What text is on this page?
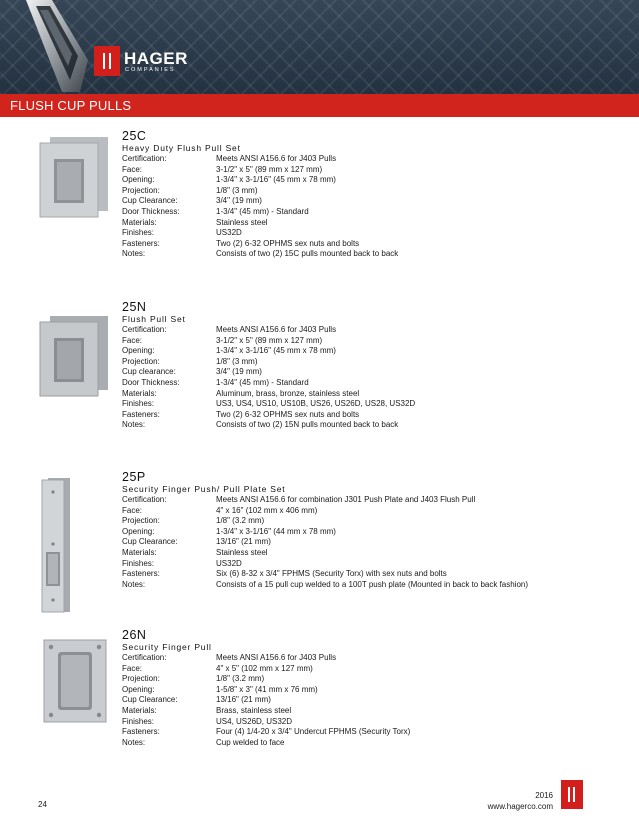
HAGER
COMPANIES
FLUSH CUP PULLS
25C
Heavy Duty Flush Pull Set
Certification:	Meets ANSI A156.6 for J403 Pulls
Face:	3-1/2" x 5" (89 mm x 127 mm)
Opening:	1-3/4" x 3-1/16" (45 mm x 78 mm)
Projection:	1/8" (3 mm)
Cup Clearance:	3/4" (19 mm)
Door Thickness:	1-3/4" (45 mm) - Standard
Materials:	Stainless steel
Finishes:	US32D
Fasteners:	Two (2) 6-32 OPHMS sex nuts and bolts
Notes:	Consists of two (2) 15C pulls mounted back to back
25N
Flush Pull Set
Certification:	Meets ANSI A156.6 for J403 Pulls
Face:	3-1/2" x 5" (89 mm x 127 mm)
Opening:	1-3/4" x 3-1/16" (45 mm x 78 mm)
Projection:	1/8" (3 mm)
Cup clearance:	3/4" (19 mm)
Door Thickness:	1-3/4" (45 mm) - Standard
Materials:	Aluminum, brass, bronze, stainless steel
Finishes:	US3, US4, US10, US10B, US26, US26D, US28, US32D
Fasteners:	Two (2) 6-32 OPHMS sex nuts and bolts
Notes:	Consists of two (2) 15N pulls mounted back to back
25P
Security Finger Push/ Pull Plate Set
Certification:	Meets ANSI A156.6 for combination J301 Push Plate and J403 Flush Pull
Face:	4" x 16" (102 mm x 406 mm)
Projection:	1/8" (3.2 mm)
Opening:	1-3/4" x 3-1/16" (44 mm x 78 mm)
Cup Clearance:	13/16" (21 mm)
Materials:	Stainless steel
Finishes:	US32D
Fasteners:	Six (6) 8-32 x 3/4" FPHMS (Security Torx) with sex nuts and bolts
Notes:	Consists of a 15 pull cup welded to a 100T push plate (Mounted in back to back fashion)
26N
Security Finger Pull
Certification:	Meets ANSI A156.6 for J403 Pulls
Face:	4" x 5" (102 mm x 127 mm)
Projection:	1/8" (3.2 mm)
Opening:	1-5/8" x 3" (41 mm x 76 mm)
Cup Clearance:	13/16" (21 mm)
Materials:	Brass, stainless steel
Finishes:	US4, US26D, US32D
Fasteners:	Four (4) 1/4-20 x 3/4" Undercut FPHMS (Security Torx)
Notes:	Cup welded to face
24
2016
www.hagerco.com
